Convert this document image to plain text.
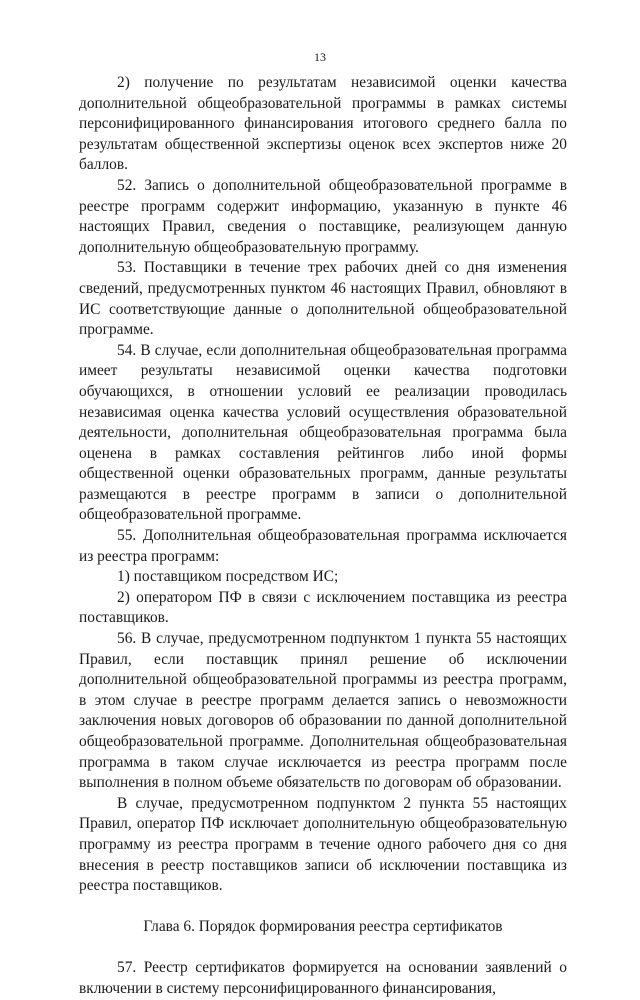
13

2) получение по результатам независимой оценки качества дополнительной общеобразовательной программы в рамках системы персонифицированного финансирования итогового среднего балла по результатам общественной экспертизы оценок всех экспертов ниже 20 баллов.

52. Запись о дополнительной общеобразовательной программе в реестре программ содержит информацию, указанную в пункте 46 настоящих Правил, сведения о поставщике, реализующем данную дополнительную общеобразовательную программу.

53. Поставщики в течение трех рабочих дней со дня изменения сведений, предусмотренных пунктом 46 настоящих Правил, обновляют в ИС соответствующие данные о дополнительной общеобразовательной программе.

54. В случае, если дополнительная общеобразовательная программа имеет результаты независимой оценки качества подготовки обучающихся, в отношении условий ее реализации проводилась независимая оценка качества условий осуществления образовательной деятельности, дополнительная общеобразовательная программа была оценена в рамках составления рейтингов либо иной формы общественной оценки образовательных программ, данные результаты размещаются в реестре программ в записи о дополнительной общеобразовательной программе.

55. Дополнительная общеобразовательная программа исключается из реестра программ:

1) поставщиком посредством ИС;

2) оператором ПФ в связи с исключением поставщика из реестра поставщиков.

56. В случае, предусмотренном подпунктом 1 пункта 55 настоящих Правил, если поставщик принял решение об исключении дополнительной общеобразовательной программы из реестра программ, в этом случае в реестре программ делается запись о невозможности заключения новых договоров об образовании по данной дополнительной общеобразовательной программе. Дополнительная общеобразовательная программа в таком случае исключается из реестра программ после выполнения в полном объеме обязательств по договорам об образовании.

В случае, предусмотренном подпунктом 2 пункта 55 настоящих Правил, оператор ПФ исключает дополнительную общеобразовательную программу из реестра программ в течение одного рабочего дня со дня внесения в реестр поставщиков записи об исключении поставщика из реестра поставщиков.

Глава 6. Порядок формирования реестра сертификатов

57. Реестр сертификатов формируется на основании заявлений о включении в систему персонифицированного финансирования,
